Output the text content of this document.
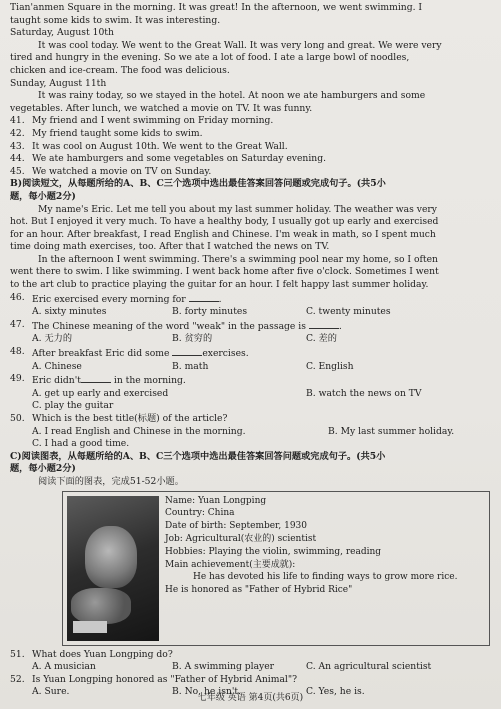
Tian'anmen Square in the morning. It was great! In the afternoon, we went swimming. I

taught some kids to swim. It was interesting.

Saturday, August 10th

It was cool today. We went to the Great Wall. It was very long and great. We were very

tired and hungry in the evening. So we ate a lot of food. I ate a large bowl of noodles,

chicken and ice-cream. The food was delicious.

Sunday, August 11th

It was rainy today, so we stayed in the hotel. At noon we ate hamburgers and some

vegetables. After lunch, we watched a movie on TV. It was funny.

41. My friend and I went swimming on Friday morning.
42. My friend taught some kids to swim.
43. It was cool on August 10th. We went to the Great Wall.
44. We ate hamburgers and some vegetables on Saturday evening.
45. We watched a movie on TV on Sunday.

B)阅读短文，从每题所给的A、B、C三个选项中选出最佳答案回答问题或完成句子。(共5小

题，每小题2分)

My name's Eric. Let me tell you about my last summer holiday. The weather was very

hot. But I enjoyed it very much. To have a healthy body, I usually got up early and exercised

for an hour. After breakfast, I read English and Chinese. I'm weak in math, so I spent much

time doing math exercises, too. After that I watched the news on TV.

In the afternoon I went swimming. There's a swimming pool near my home, so I often

went there to swim. I like swimming. I went back home after five o'clock. Sometimes I went

to the art club to practice playing the guitar for an hour. I felt happy last summer holiday.

46. Eric exercised every morning for	.
A. sixty minutes	B. forty minutes	C. twenty minutes
47. The Chinese meaning of the word "weak" in the passage is	.
A. 无力的	B. 贫穷的	C. 差的
48. After breakfast Eric did some	exercises.
A. Chinese	B. math	C. English
49. Eric didn't	in the morning.
A. get up early and exercised	B. watch the news on TV
C. play the guitar
50. Which is the best title(标题) of the article?
A. I read English and Chinese in the morning.	B. My last summer holiday.
C. I had a good time.

C)阅读图表，从每题所给的A、B、C三个选项中选出最佳答案回答问题或完成句子。(共5小

题，每小题2分)

阅读下面的图表，完成51-52小题。

Name: Yuan Longping

Country: China

Date of birth: September, 1930

Job: Agricultural(农业的) scientist

Hobbies: Playing the violin, swimming, reading

Main achievement(主要成就):

He has devoted his life to finding ways to grow more rice.

He is honored as "Father of Hybrid Rice"

51. What does Yuan Longping do?
A. A musician	B. A swimming player	C. An agricultural scientist
52. Is Yuan Longping honored as "Father of Hybrid Animal"?
A. Sure.	B. No, he isn't.	C. Yes, he is.
七年级 英语 第4页(共6页)
